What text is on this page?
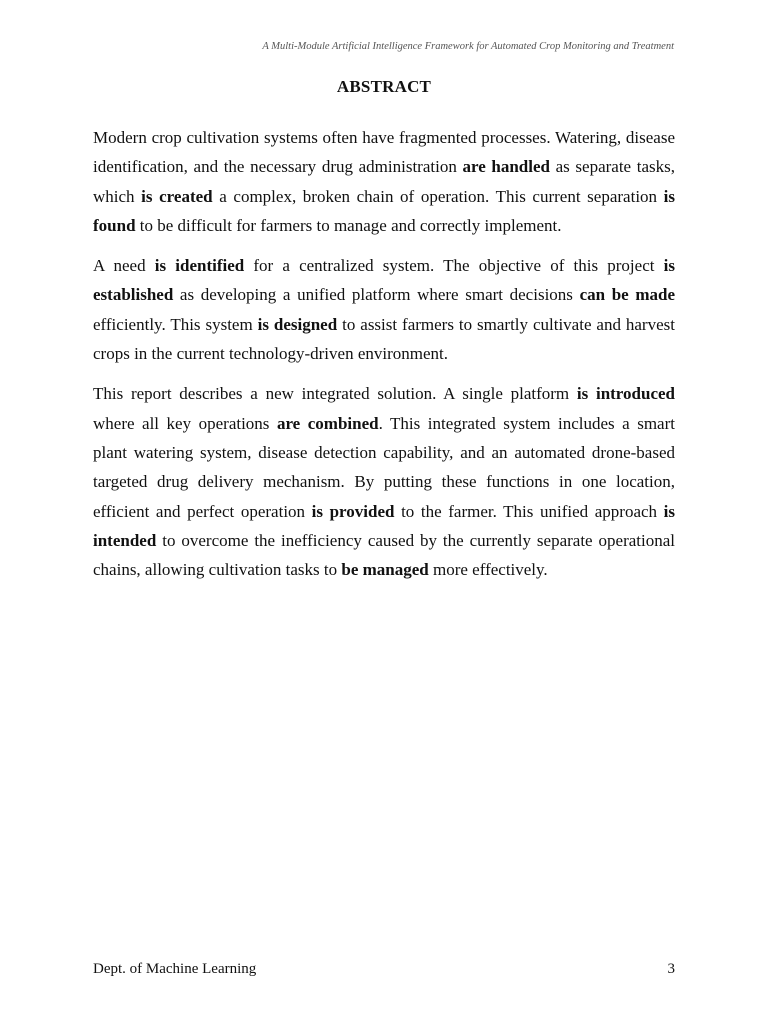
A Multi-Module Artificial Intelligence Framework for Automated Crop Monitoring and Treatment
ABSTRACT

Modern crop cultivation systems often have fragmented processes. Watering, disease identification, and the necessary drug administration are handled as separate tasks, which is created a complex, broken chain of operation. This current separation is found to be difficult for farmers to manage and correctly implement.

A need is identified for a centralized system. The objective of this project is established as developing a unified platform where smart decisions can be made efficiently. This system is designed to assist farmers to smartly cultivate and harvest crops in the current technology-driven environment.

This report describes a new integrated solution. A single platform is introduced where all key operations are combined. This integrated system includes a smart plant watering system, disease detection capability, and an automated drone-based targeted drug delivery mechanism. By putting these functions in one location, efficient and perfect operation is provided to the farmer. This unified approach is intended to overcome the inefficiency caused by the currently separate operational chains, allowing cultivation tasks to be managed more effectively.

Dept. of Machine Learning	3
